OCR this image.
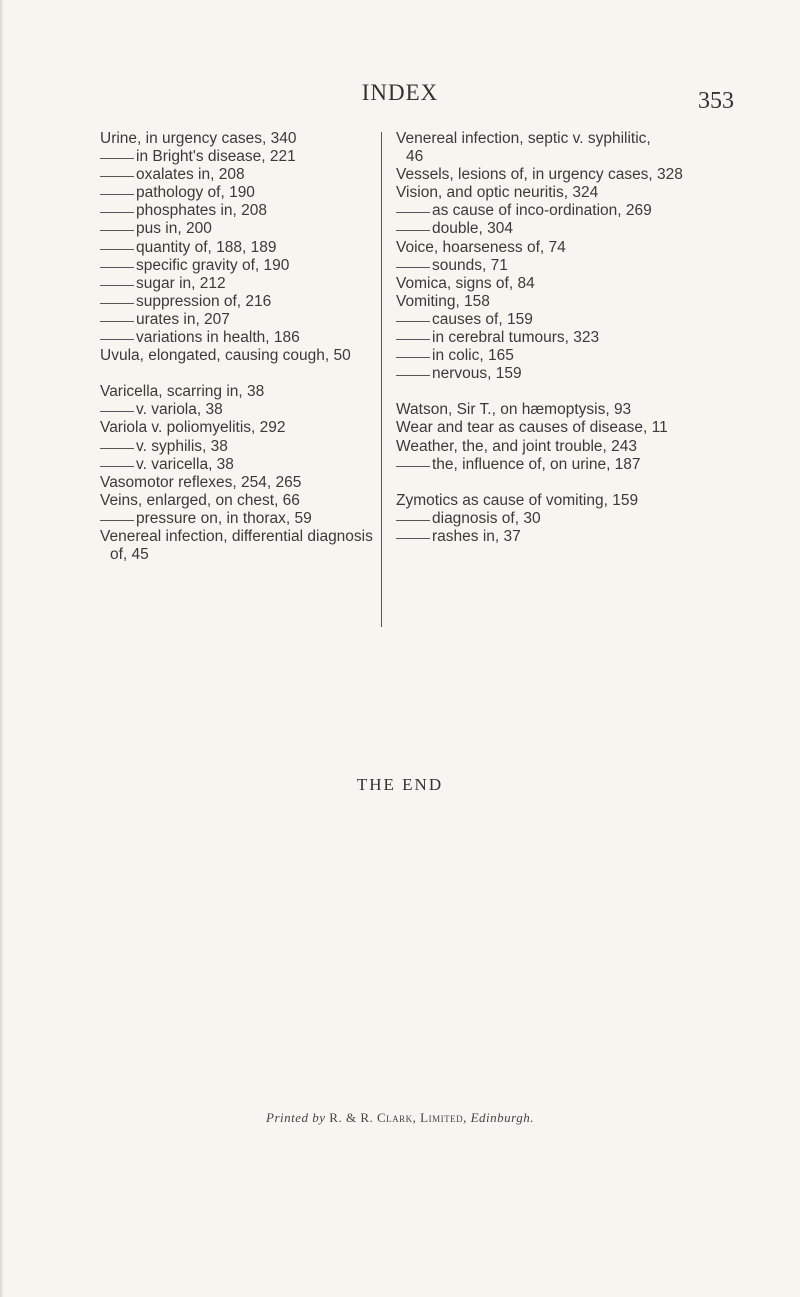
INDEX	353
Urine, in urgency cases, 340
in Bright's disease, 221
oxalates in, 208
pathology of, 190
phosphates in, 208
pus in, 200
quantity of, 188, 189
specific gravity of, 190
sugar in, 212
suppression of, 216
urates in, 207
variations in health, 186
Uvula, elongated, causing cough, 50
Varicella, scarring in, 38
v. variola, 38
Variola v. poliomyelitis, 292
v. syphilis, 38
v. varicella, 38
Vasomotor reflexes, 254, 265
Veins, enlarged, on chest, 66
pressure on, in thorax, 59
Venereal infection, differential diagnosis
of, 45
Venereal infection, septic v. syphilitic,
46
Vessels, lesions of, in urgency cases, 328
Vision, and optic neuritis, 324
as cause of inco-ordination, 269
double, 304
Voice, hoarseness of, 74
sounds, 71
Vomica, signs of, 84
Vomiting, 158
causes of, 159
in cerebral tumours, 323
in colic, 165
nervous, 159
Watson, Sir T., on hæmoptysis, 93
Wear and tear as causes of disease, 11
Weather, the, and joint trouble, 243
the, influence of, on urine, 187
Zymotics as cause of vomiting, 159
diagnosis of, 30
rashes in, 37
THE END
Printed by R. & R. Clark, Limited, Edinburgh.
